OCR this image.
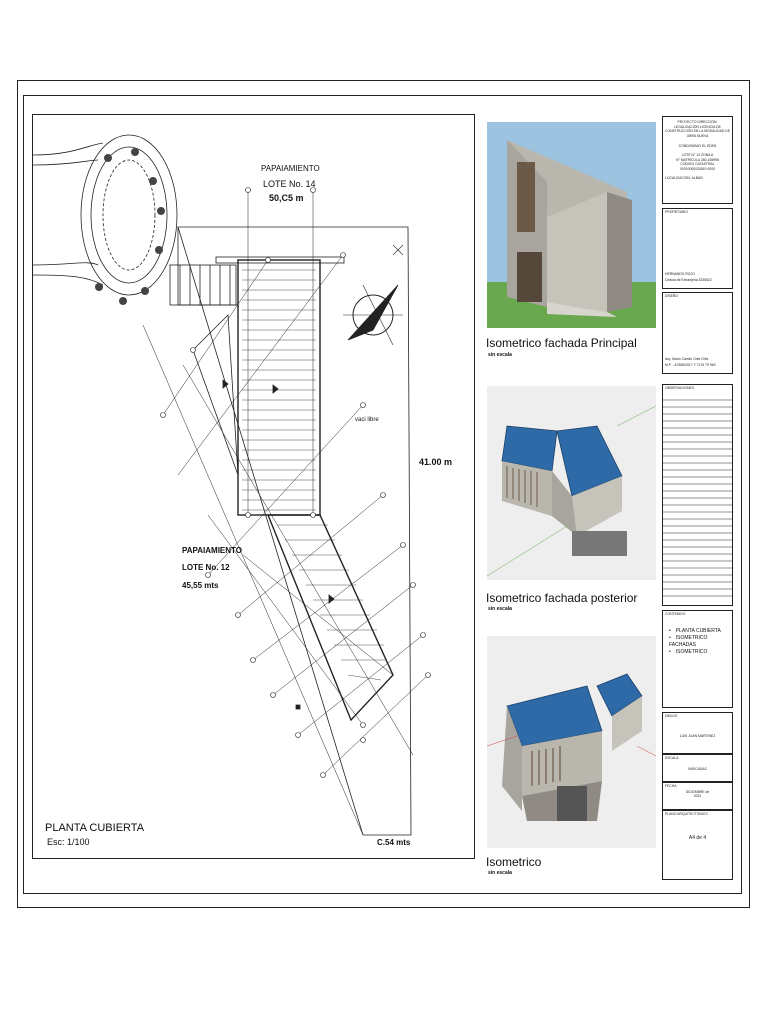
PAPAIAMIENTO
LOTE No. 14
50,C5 m
PAPAIAMIENTO
LOTE No. 12
45,55 mts
41.00 m
vaci libre
C.54 mts
PLANTA CUBIERTA
Esc: 1/100
Isometrico fachada Principal
sin escala
Isometrico fachada posterior
sin escala
Isometrico
sin escala
PROYECTO DIRECCIÓN: LEGALIZACIÓN LICENCIA DE CONSTRUCCIÓN EN LA MODALIDAD DE OBRA NUEVA
CONDOMINIO EL EDEN
LOTE N° 13 ZONA A
N° MATRICULA 280-165998
CODIGO CATASTRAL
00010000020519 0000
LOCALIZACION: ALBAN
PROPIETARIO
HERNANDO ROJO
Cedula de Extranjeria 3335522
DISEÑO
Arq. Mario Camilo Ortiz Ortiz
M.P. - A7608/2017 Y 7176 79 963
OBSERVACIONES
CONTENIDO
• PLANTA CUBIERTA
• ISOMETRICO FACHADAS
• ISOMETRICO
DIBUJO
LUIS JUAN MARTINEZ
ESCALA
INDICADAS
FECHA
DICIEMBRE de
2022
PLANO ARQUITECTONICO
A4 de 4
